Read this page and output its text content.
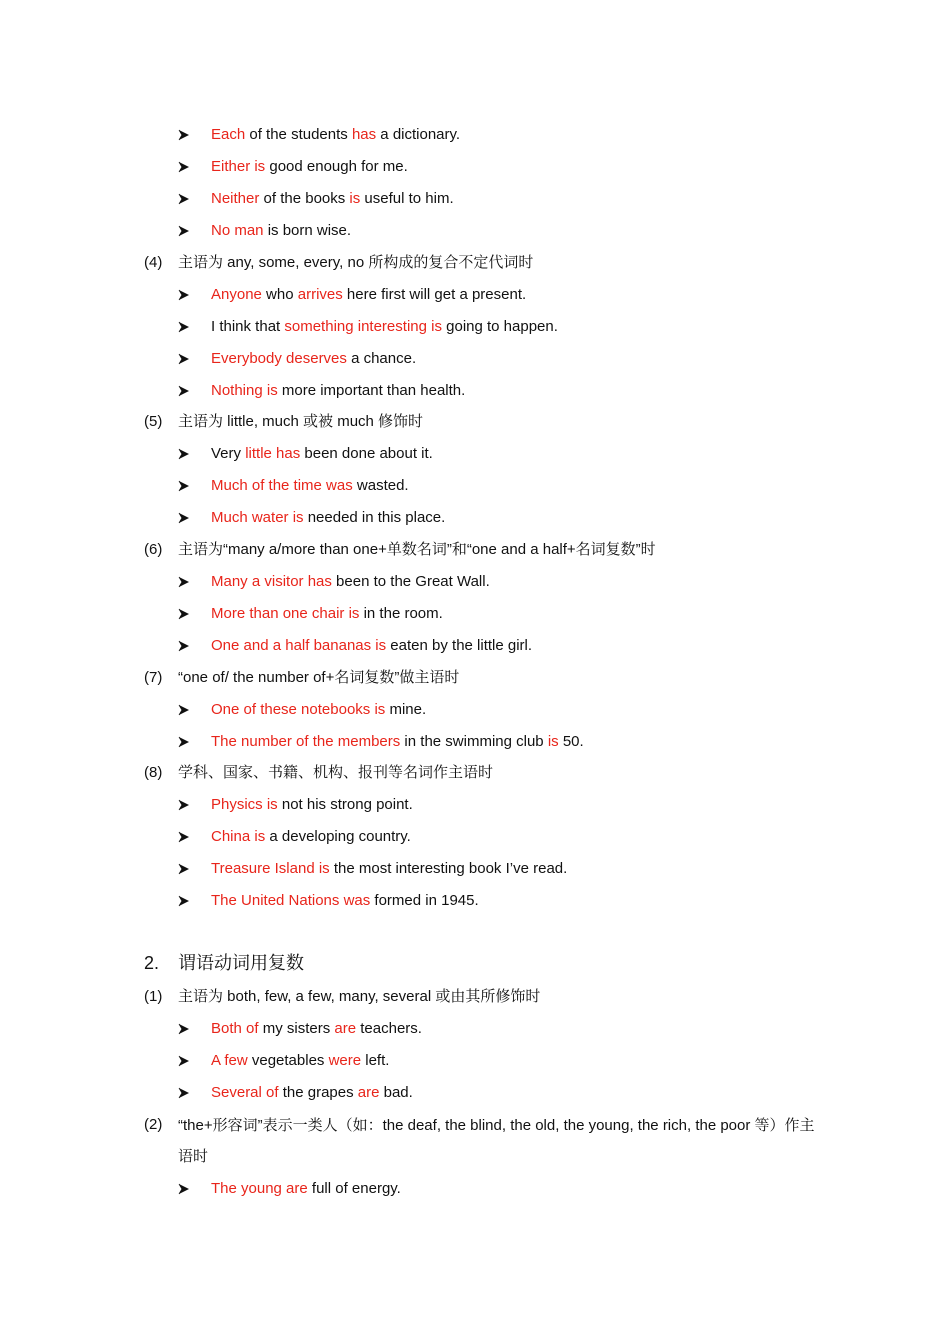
Each of the students has a dictionary.
Either is good enough for me.
Neither of the books is useful to him.
No man is born wise.
(4) 主语为 any, some, every, no 所构成的复合不定代词时
Anyone who arrives here first will get a present.
I think that something interesting is going to happen.
Everybody deserves a chance.
Nothing is more important than health.
(5) 主语为 little, much 或被 much 修饰时
Very little has been done about it.
Much of the time was wasted.
Much water is needed in this place.
(6) 主语为“many a/more than one+单数名词”和“one and a half+名词复数”时
Many a visitor has been to the Great Wall.
More than one chair is in the room.
One and a half bananas is eaten by the little girl.
(7) “one of/ the number of+名词复数”做主语时
One of these notebooks is mine.
The number of the members in the swimming club is 50.
(8) 学科、国家、书籍、机构、报刊等名词作主语时
Physics is not his strong point.
China is a developing country.
Treasure Island is the most interesting book I’ve read.
The United Nations was formed in 1945.
2. 谓语动词用复数
(1) 主语为 both, few, a few, many, several 或由其所修饰时
Both of my sisters are teachers.
A few vegetables were left.
Several of the grapes are bad.
(2) “the+形容词”表示一类人（如：the deaf, the blind, the old, the young, the rich, the poor 等）作主语时
The young are full of energy.
